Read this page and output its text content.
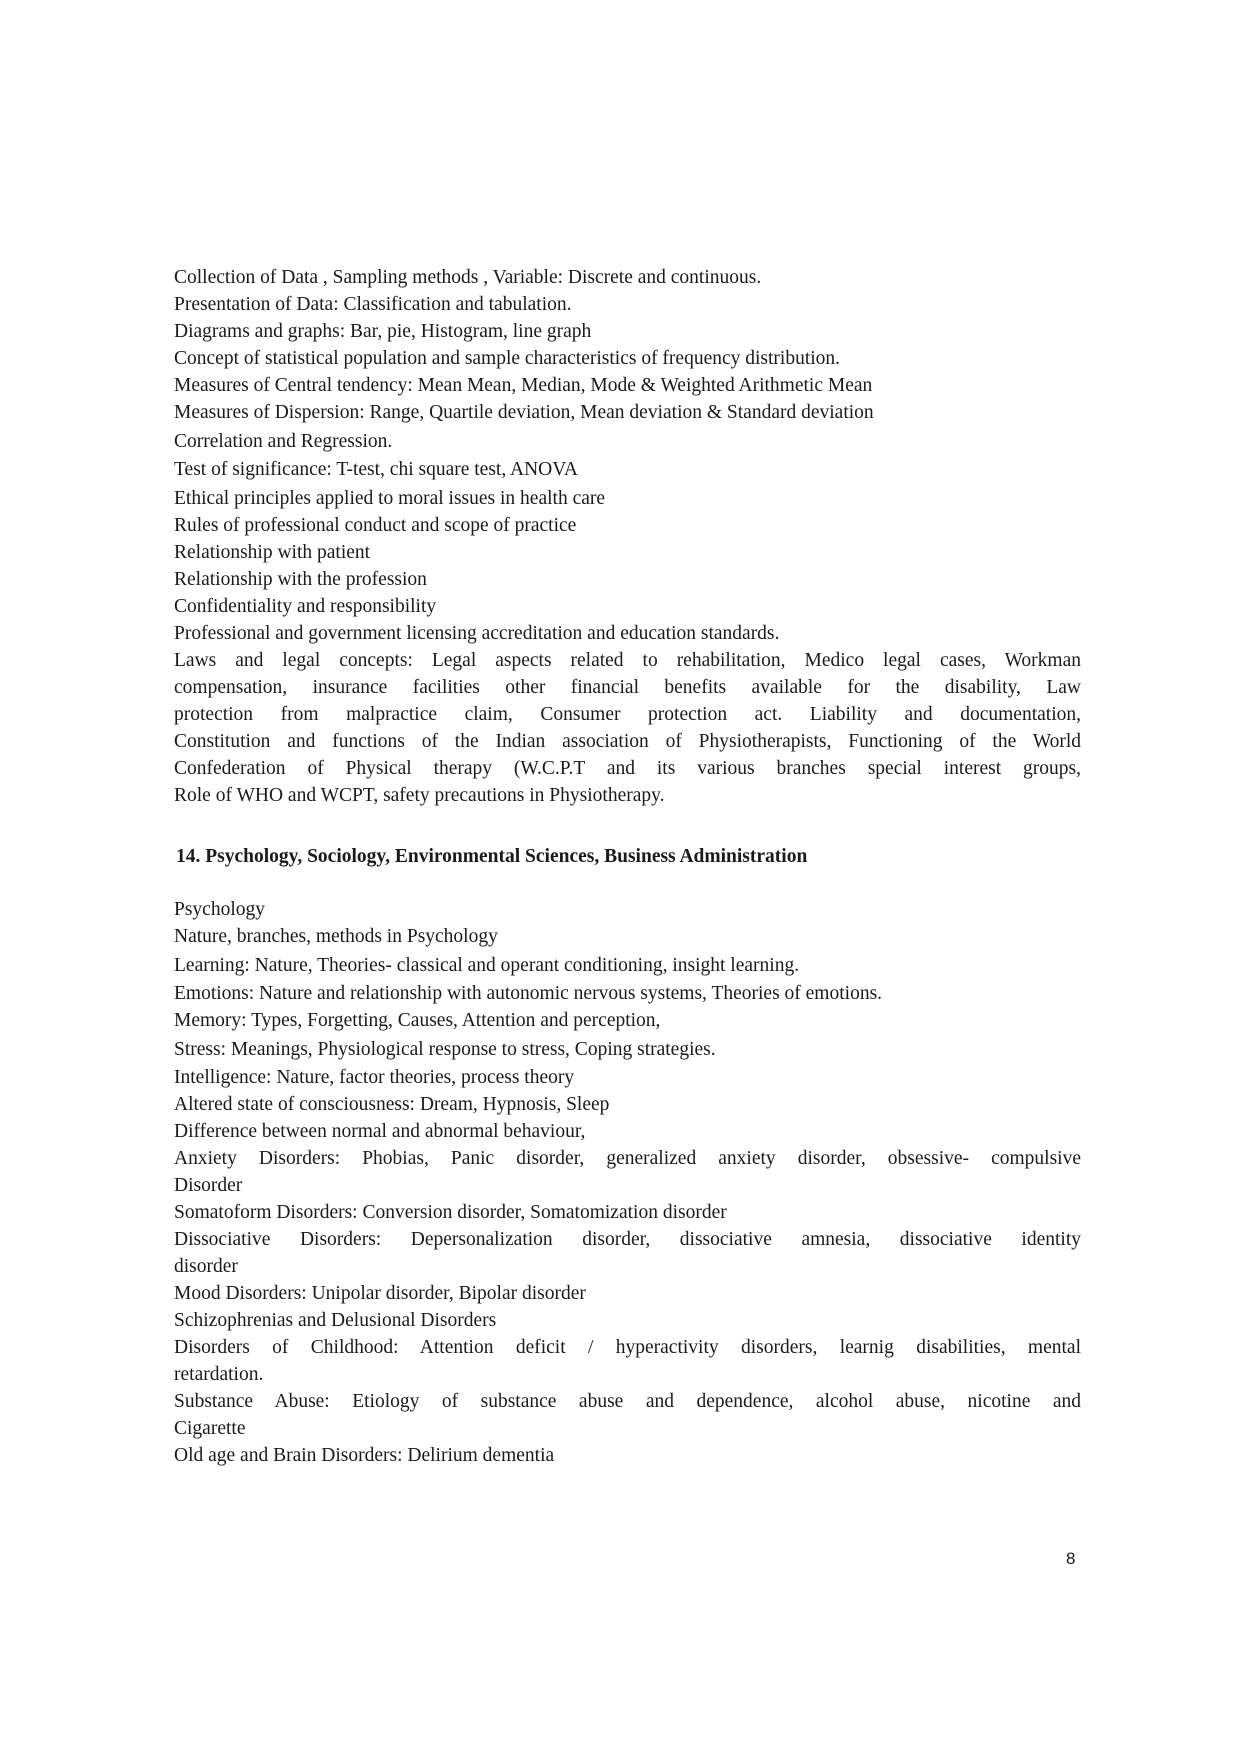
Collection of Data , Sampling methods , Variable: Discrete and continuous.
Presentation of Data: Classification and tabulation.
Diagrams and graphs: Bar, pie, Histogram, line graph
Concept of statistical population and sample characteristics of frequency distribution.
Measures of Central tendency: Mean Mean, Median, Mode & Weighted Arithmetic Mean
Measures of Dispersion: Range, Quartile deviation, Mean deviation & Standard deviation
Correlation and Regression.
Test of significance: T-test, chi square test, ANOVA
Ethical principles applied to moral issues in health care
Rules of professional conduct and scope of practice
Relationship with patient
Relationship with the profession
Confidentiality and responsibility
Professional and government licensing accreditation and education standards.
Laws and legal concepts: Legal aspects related to rehabilitation, Medico legal cases, Workman
compensation, insurance facilities other financial benefits available for the disability, Law
protection from malpractice claim, Consumer protection act. Liability and documentation,
Constitution and functions of the Indian association of Physiotherapists, Functioning of the World
Confederation of Physical therapy (W.C.P.T and its various branches special interest groups,
Role of WHO and WCPT, safety precautions in Physiotherapy.
14. Psychology, Sociology, Environmental Sciences, Business Administration
Psychology
Nature, branches, methods in Psychology
Learning: Nature, Theories- classical and operant conditioning, insight learning.
Emotions: Nature and relationship with autonomic nervous systems, Theories of emotions.
Memory: Types, Forgetting, Causes, Attention and perception,
Stress: Meanings, Physiological response to stress, Coping strategies.
Intelligence: Nature, factor theories, process theory
Altered state of consciousness: Dream, Hypnosis, Sleep
Difference between normal and abnormal behaviour,
Anxiety Disorders: Phobias, Panic disorder, generalized anxiety disorder, obsessive- compulsive
Disorder
Somatoform Disorders: Conversion disorder, Somatomization disorder
Dissociative Disorders: Depersonalization disorder, dissociative amnesia, dissociative identity
disorder
Mood Disorders: Unipolar disorder, Bipolar disorder
Schizophrenias and Delusional Disorders
Disorders of Childhood: Attention deficit / hyperactivity disorders, learnig disabilities, mental
retardation.
Substance Abuse: Etiology of substance abuse and dependence, alcohol abuse, nicotine and
Cigarette
Old age and Brain Disorders: Delirium dementia
8
